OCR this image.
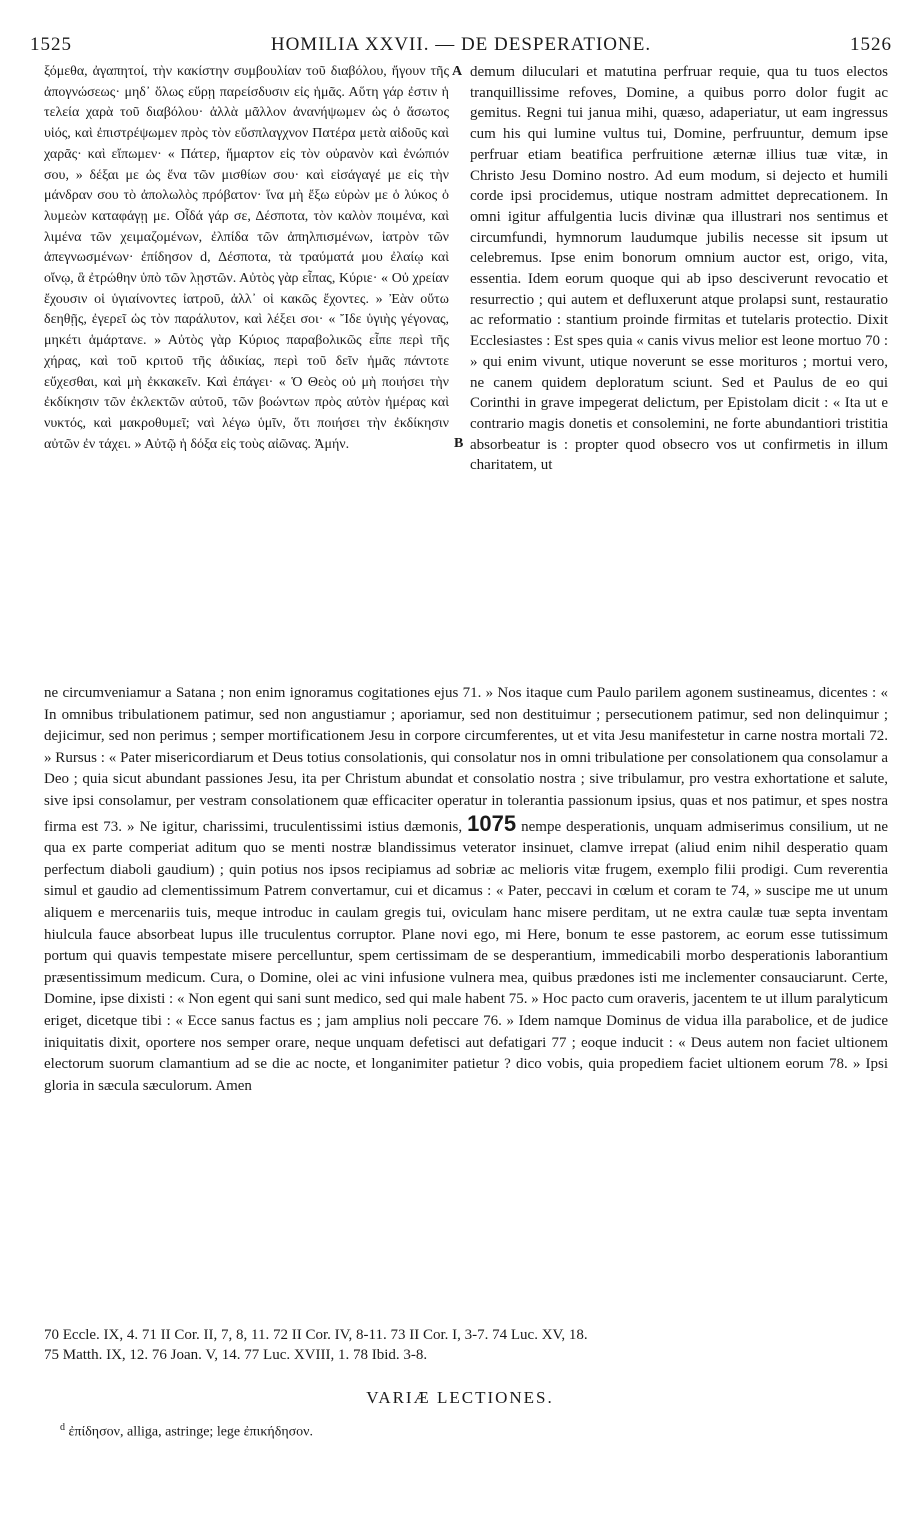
1525	HOMILIA XXVII. — DE DESPERATIONE.	1526
ξόμεθα, ἀγαπητοί, τὴν κακίστην συμβουλίαν τοῦ διαβόλου, ἤγουν τῆς ἀπογνώσεως· μηδ᾽ ὅλως εὕρῃ παρείσδυσιν εἰς ἡμᾶς. Αὕτη γάρ ἐστιν ἡ τελεία χαρὰ τοῦ διαβόλου· ἀλλὰ μᾶλλον ἀνανήψωμεν ὡς ὁ ἄσωτος υἱός, καὶ ἐπιστρέψωμεν πρὸς τὸν εὔσπλαγχνον Πατέρα μετὰ αἰδοῦς καὶ χαρᾶς· καὶ εἴπωμεν· « Πάτερ, ἥμαρτον εἰς τὸν οὐρανὸν καὶ ἐνώπιόν σου, » δέξαι με ὡς ἕνα τῶν μισθίων σου· καὶ εἰσάγαγέ με εἰς τὴν μάνδραν σου τὸ ἀπολωλὸς πρόβατον· ἵνα μὴ ἔξω εὑρὼν με ὁ λύκος ὁ λυμεὼν καταφάγῃ με. Οἶδά γάρ σε, Δέσποτα, τὸν καλὸν ποιμένα, καὶ λιμένα τῶν χειμαζομένων, ἐλπίδα τῶν ἀπηλπισμένων, ἰατρὸν τῶν ἀπεγνωσμένων· ἐπίδησον d, Δέσποτα, τὰ τραύματά μου ἐλαίῳ καὶ οἴνῳ, ἃ ἐτρώθην ὑπὸ τῶν λῃστῶν. Αὐτὸς γὰρ εἶπας, Κύριε· « Οὐ χρείαν ἔχουσιν οἱ ὑγιαίνοντες ἰατροῦ, ἀλλ᾽ οἱ κακῶς ἔχοντες. » Ἐὰν οὕτω δεηθῇς, ἐγερεῖ ὡς τὸν παράλυτον, καὶ λέξει σοι· « Ἴδε ὑγιὴς γέγονας, μηκέτι ἁμάρτανε. » Αὐτὸς γὰρ Κύριος παραβολικῶς εἶπε περὶ τῆς χήρας, καὶ τοῦ κριτοῦ τῆς ἀδικίας, περὶ τοῦ δεῖν ἡμᾶς πάντοτε εὔχεσθαι, καὶ μὴ ἐκκακεῖν. Καὶ ἐπάγει· « Ὁ Θεὸς οὐ μὴ ποιήσει τὴν ἐκδίκησιν τῶν ἐκλεκτῶν αὐτοῦ, τῶν βοώντων πρὸς αὐτὸν ἡμέρας καὶ νυκτός, καὶ μακροθυμεῖ; ναὶ λέγω ὑμῖν, ὅτι ποιήσει τὴν ἐκδίκησιν αὐτῶν ἐν τάχει. » Αὐτῷ ἡ δόξα εἰς τοὺς αἰῶνας. Ἀμήν.
A
B
demum diluculari et matutina perfruar requie, qua tu tuos electos tranquillissime refoves, Domine, a quibus porro dolor fugit ac gemitus. Regni tui janua mihi, quæso, adaperiatur, ut eam ingressus cum his qui lumine vultus tui, Domine, perfruuntur, demum ipse perfruar etiam beatifica perfruitione æternæ illius tuæ vitæ, in Christo Jesu Domino nostro. Ad eum modum, si dejecto et humili corde ipsi procidemus, utique nostram admittet deprecationem. In omni igitur affulgentia lucis divinæ qua illustrari nos sentimus et circumfundi, hymnorum laudumque jubilis necesse sit ipsum ut celebremus. Ipse enim bonorum omnium auctor est, origo, vita, essentia. Idem eorum quoque qui ab ipso desciverunt revocatio et resurrectio ; qui autem et defluxerunt atque prolapsi sunt, restauratio ac reformatio : stantium proinde firmitas et tutelaris protectio. Dixit Ecclesiastes : Est spes quia « canis vivus melior est leone mortuo 70 : » qui enim vivunt, utique noverunt se esse morituros ; mortui vero, ne canem quidem deploratum sciunt. Sed et Paulus de eo qui Corinthi in grave impegerat delictum, per Epistolam dicit : « Ita ut e contrario magis donetis et consolemini, ne forte abundantiori tristitia absorbeatur is : propter quod obsecro vos ut confirmetis in illum charitatem, ut
ne circumveniamur a Satana ; non enim ignoramus cogitationes ejus 71. » Nos itaque cum Paulo parilem agonem sustineamus, dicentes : « In omnibus tribulationem patimur, sed non angustiamur ; aporiamur, sed non destituimur ; persecutionem patimur, sed non delinquimur ; dejicimur, sed non perimus ; semper mortificationem Jesu in corpore circumferentes, ut et vita Jesu manifestetur in carne nostra mortali 72. » Rursus : « Pater misericordiarum et Deus totius consolationis, qui consolatur nos in omni tribulatione per consolationem qua consolamur a Deo ; quia sicut abundant passiones Jesu, ita per Christum abundat et consolatio nostra ; sive tribulamur, pro vestra exhortatione et salute, sive ipsi consolamur, per vestram consolationem quæ efficaciter operatur in tolerantia passionum ipsius, quas et nos patimur, et spes nostra firma est 73. » Ne igitur, charissimi, truculentissimi istius dæmonis, 1075 nempe desperationis, unquam admiserimus consilium, ut ne qua ex parte comperiat aditum quo se menti nostræ blandissimus veterator insinuet, clamve irrepat (aliud enim nihil desperatio quam perfectum diaboli gaudium) ; quin potius nos ipsos recipiamus ad sobriæ ac melioris vitæ frugem, exemplo filii prodigi. Cum reverentia simul et gaudio ad clementissimum Patrem convertamur, cui et dicamus : « Pater, peccavi in cœlum et coram te 74, » suscipe me ut unum aliquem e mercenariis tuis, meque introduc in caulam gregis tui, oviculam hanc misere perditam, ut ne extra caulæ tuæ septa inventam hiulcula fauce absorbeat lupus ille truculentus corruptor. Plane novi ego, mi Here, bonum te esse pastorem, ac eorum esse tutissimum portum qui quavis tempestate misere percelluntur, spem certissimam de se desperantium, immedicabili morbo desperationis laborantium præsentissimum medicum. Cura, o Domine, olei ac vini infusione vulnera mea, quibus prædones isti me inclementer consauciarunt. Certe, Domine, ipse dixisti : « Non egent qui sani sunt medico, sed qui male habent 75. » Hoc pacto cum oraveris, jacentem te ut illum paralyticum eriget, dicetque tibi : « Ecce sanus factus es ; jam amplius noli peccare 76. » Idem namque Dominus de vidua illa parabolice, et de judice iniquitatis dixit, oportere nos semper orare, neque unquam defetisci aut defatigari 77 ; eoque inducit : « Deus autem non faciet ultionem electorum suorum clamantium ad se die ac nocte, et longanimiter patietur ? dico vobis, quia propediem faciet ultionem eorum 78. » Ipsi gloria in sæcula sæculorum. Amen
70 Eccle. IX, 4. 71 II Cor. II, 7, 8, 11. 72 II Cor. IV, 8-11. 73 II Cor. I, 3-7. 74 Luc. XV, 18.
75 Matth. IX, 12. 76 Joan. V, 14. 77 Luc. XVIII, 1. 78 Ibid. 3-8.
VARIÆ LECTIONES.
$^d$ ἐπίδησον, alliga, astringe; lege ἐπικήδησον.
